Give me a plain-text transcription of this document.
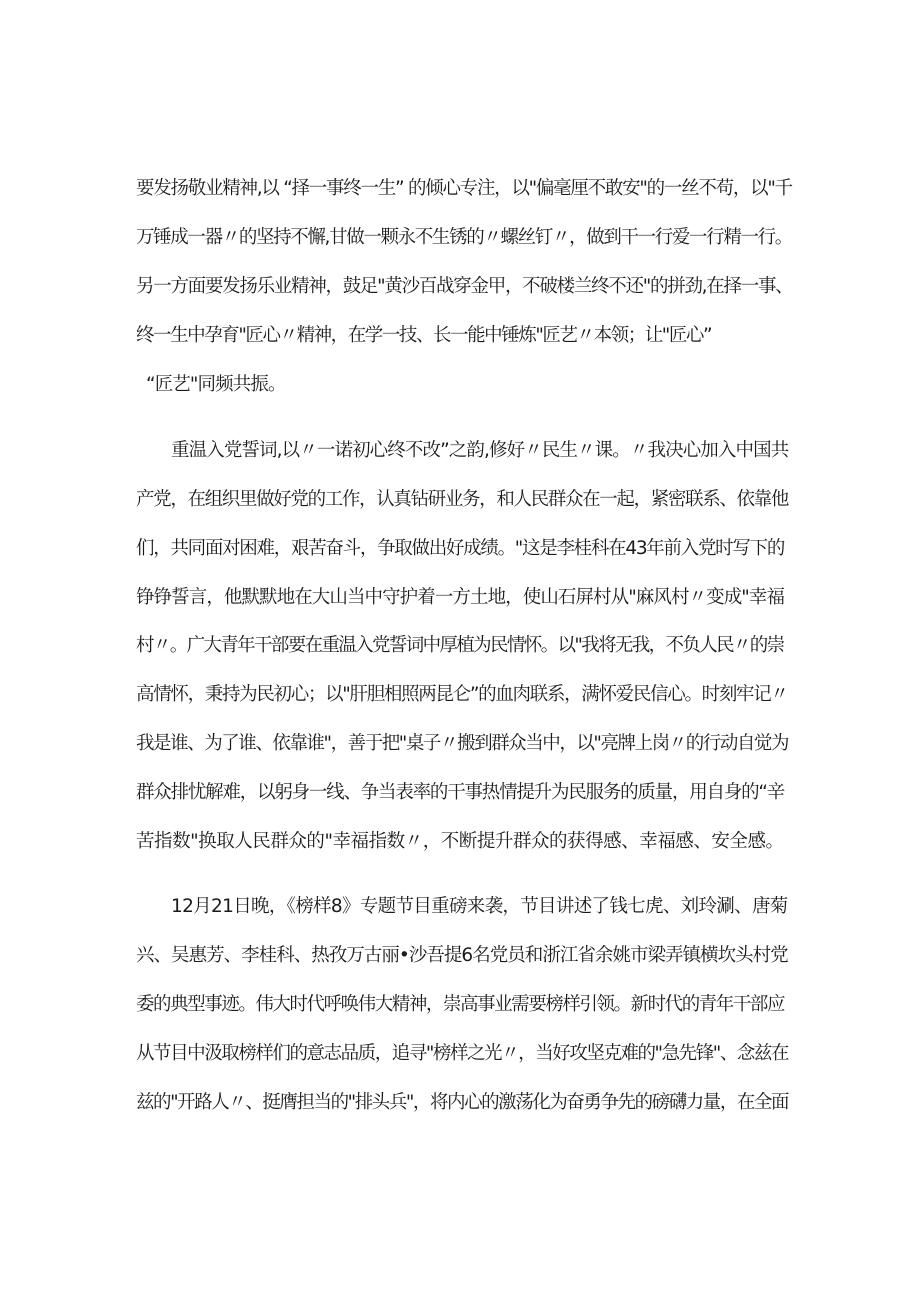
要发扬敬业精神,以 “择一事终一生” 的倾心专注，以"偏毫厘不敢安"的一丝不苟，以"千
万锤成一器〃的坚持不懈,甘做一颗永不生锈的〃螺丝钉〃，做到干一行爱一行精一行。
另一方面要发扬乐业精神，鼓足"黄沙百战穿金甲，不破楼兰终不还"的拼劲,在择一事、
终一生中孕育"匠心〃精神，在学一技、长一能中锤炼"匠艺〃本领；让"匠心”
“匠艺"同频共振。
重温入党誓词,以〃一诺初心终不改”之韵,修好〃民生〃课。〃我决心加入中国共
产党，在组织里做好党的工作，认真钻研业务，和人民群众在一起，紧密联系、依靠他
们，共同面对困难，艰苦奋斗，争取做出好成绩。"这是李桂科在43年前入党时写下的
铮铮誓言，他默默地在大山当中守护着一方土地，使山石屏村从"麻风村〃变成"幸福
村〃。广大青年干部要在重温入党誓词中厚植为民情怀。以"我将无我，不负人民〃的崇
高情怀，秉持为民初心；以"肝胆相照两昆仑”的血肉联系，满怀爱民信心。时刻牢记〃
我是谁、为了谁、依靠谁"，善于把"桌子〃搬到群众当中，以"亮牌上岗〃的行动自觉为
群众排忧解难，以躬身一线、争当表率的干事热情提升为民服务的质量，用自身的“辛
苦指数"换取人民群众的"幸福指数〃，不断提升群众的获得感、幸福感、安全感。
12月21日晚，《榜样8》专题节目重磅来袭，节目讲述了钱七虎、刘玲涮、唐菊
兴、吴惠芳、李桂科、热孜万古丽•沙吾提6名党员和浙江省余姚市梁弄镇横坎头村党
委的典型事迹。伟大时代呼唤伟大精神，崇高事业需要榜样引领。新时代的青年干部应
从节目中汲取榜样们的意志品质，追寻"榜样之光〃，当好攻坚克难的"急先锋"、念兹在
兹的"开路人〃、挺膺担当的"排头兵"，将内心的激荡化为奋勇争先的磅礴力量，在全面
